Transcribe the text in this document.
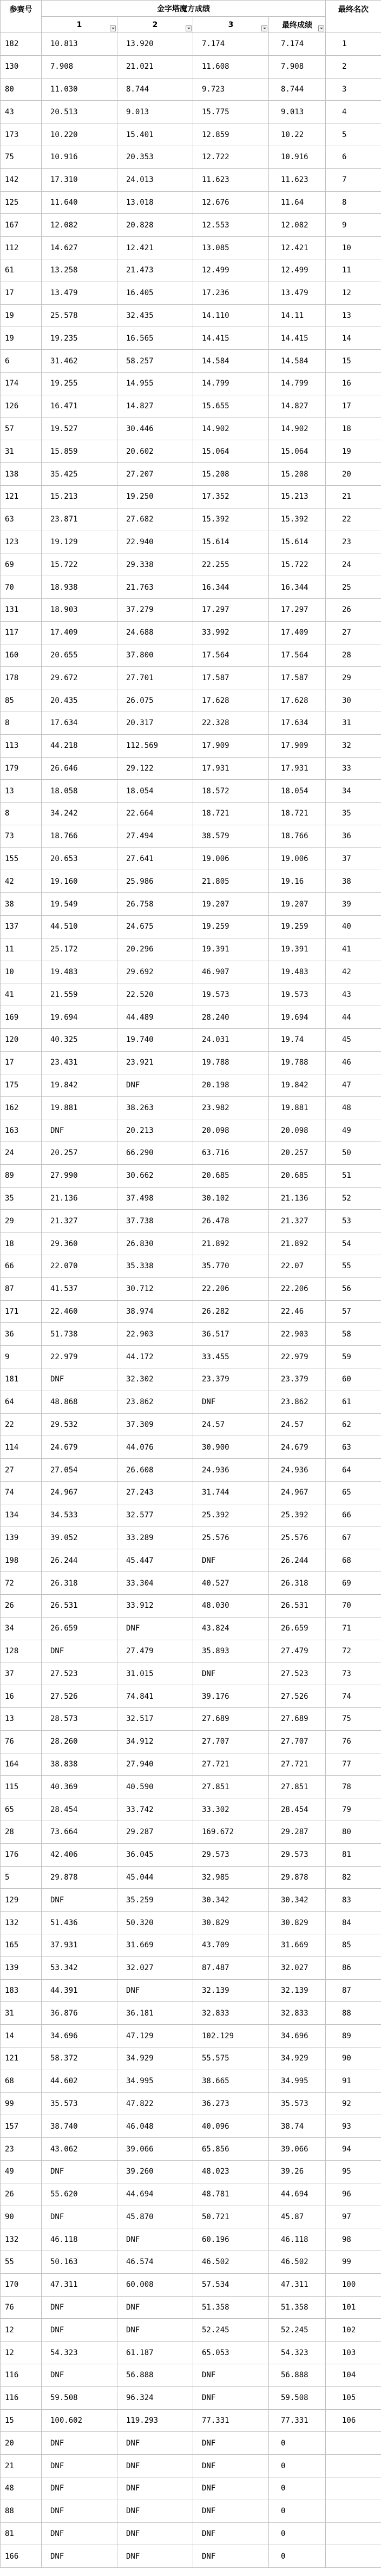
参赛号	金字塔魔方成绩				最终名次
	1	2	3	最终成绩	

182	10.813	13.920	7.174	7.174	1
130	7.908	21.021	11.608	7.908	2
80	11.030	8.744	9.723	8.744	3
43	20.513	9.013	15.775	9.013	4
173	10.220	15.401	12.859	10.22	5
75	10.916	20.353	12.722	10.916	6
142	17.310	24.013	11.623	11.623	7
125	11.640	13.018	12.676	11.64	8
167	12.082	20.828	12.553	12.082	9
112	14.627	12.421	13.085	12.421	10
61	13.258	21.473	12.499	12.499	11
17	13.479	16.405	17.236	13.479	12
19	25.578	32.435	14.110	14.11	13
19	19.235	16.565	14.415	14.415	14
6	31.462	58.257	14.584	14.584	15
174	19.255	14.955	14.799	14.799	16
126	16.471	14.827	15.655	14.827	17
57	19.527	30.446	14.902	14.902	18
31	15.859	20.602	15.064	15.064	19
138	35.425	27.207	15.208	15.208	20
121	15.213	19.250	17.352	15.213	21
63	23.871	27.682	15.392	15.392	22
123	19.129	22.940	15.614	15.614	23
69	15.722	29.338	22.255	15.722	24
70	18.938	21.763	16.344	16.344	25
131	18.903	37.279	17.297	17.297	26
117	17.409	24.688	33.992	17.409	27
160	20.655	37.800	17.564	17.564	28
178	29.672	27.701	17.587	17.587	29
85	20.435	26.075	17.628	17.628	30
8	17.634	20.317	22.328	17.634	31
113	44.218	112.569	17.909	17.909	32
179	26.646	29.122	17.931	17.931	33
13	18.058	18.054	18.572	18.054	34
8	34.242	22.664	18.721	18.721	35
73	18.766	27.494	38.579	18.766	36
155	20.653	27.641	19.006	19.006	37
42	19.160	25.986	21.805	19.16	38
38	19.549	26.758	19.207	19.207	39
137	44.510	24.675	19.259	19.259	40
11	25.172	20.296	19.391	19.391	41
10	19.483	29.692	46.907	19.483	42
41	21.559	22.520	19.573	19.573	43
169	19.694	44.489	28.240	19.694	44
120	40.325	19.740	24.031	19.74	45
17	23.431	23.921	19.788	19.788	46
175	19.842	DNF	20.198	19.842	47
162	19.881	38.263	23.982	19.881	48
163	DNF	20.213	20.098	20.098	49
24	20.257	66.290	63.716	20.257	50
89	27.990	30.662	20.685	20.685	51
35	21.136	37.498	30.102	21.136	52
29	21.327	37.738	26.478	21.327	53
18	29.360	26.830	21.892	21.892	54
66	22.070	35.338	35.770	22.07	55
87	41.537	30.712	22.206	22.206	56
171	22.460	38.974	26.282	22.46	57
36	51.738	22.903	36.517	22.903	58
9	22.979	44.172	33.455	22.979	59
181	DNF	32.302	23.379	23.379	60
64	48.868	23.862	DNF	23.862	61
22	29.532	37.309	24.57	24.57	62
114	24.679	44.076	30.900	24.679	63
27	27.054	26.608	24.936	24.936	64
74	24.967	27.243	31.744	24.967	65
134	34.533	32.577	25.392	25.392	66
139	39.052	33.289	25.576	25.576	67
198	26.244	45.447	DNF	26.244	68
72	26.318	33.304	40.527	26.318	69
26	26.531	33.912	48.030	26.531	70
34	26.659	DNF	43.824	26.659	71
128	DNF	27.479	35.893	27.479	72
37	27.523	31.015	DNF	27.523	73
16	27.526	74.841	39.176	27.526	74
13	28.573	32.517	27.689	27.689	75
76	28.260	34.912	27.707	27.707	76
164	38.838	27.940	27.721	27.721	77
115	40.369	40.590	27.851	27.851	78
65	28.454	33.742	33.302	28.454	79
28	73.664	29.287	169.672	29.287	80
176	42.406	36.045	29.573	29.573	81
5	29.878	45.044	32.985	29.878	82
129	DNF	35.259	30.342	30.342	83
132	51.436	50.320	30.829	30.829	84
165	37.931	31.669	43.709	31.669	85
139	53.342	32.027	87.487	32.027	86
183	44.391	DNF	32.139	32.139	87
31	36.876	36.181	32.833	32.833	88
14	34.696	47.129	102.129	34.696	89
121	58.372	34.929	55.575	34.929	90
68	44.602	34.995	38.665	34.995	91
99	35.573	47.822	36.273	35.573	92
157	38.740	46.048	40.096	38.74	93
23	43.062	39.066	65.856	39.066	94
49	DNF	39.260	48.023	39.26	95
26	55.620	44.694	48.781	44.694	96
90	DNF	45.870	50.721	45.87	97
132	46.118	DNF	60.196	46.118	98
55	50.163	46.574	46.502	46.502	99
170	47.311	60.008	57.534	47.311	100
76	DNF	DNF	51.358	51.358	101
12	DNF	DNF	52.245	52.245	102
12	54.323	61.187	65.053	54.323	103
116	DNF	56.888	DNF	56.888	104
116	59.508	96.324	DNF	59.508	105
15	100.602	119.293	77.331	77.331	106
20	DNF	DNF	DNF	0	
21	DNF	DNF	DNF	0	
48	DNF	DNF	DNF	0	
88	DNF	DNF	DNF	0	
81	DNF	DNF	DNF	0	
166	DNF	DNF	DNF	0	
